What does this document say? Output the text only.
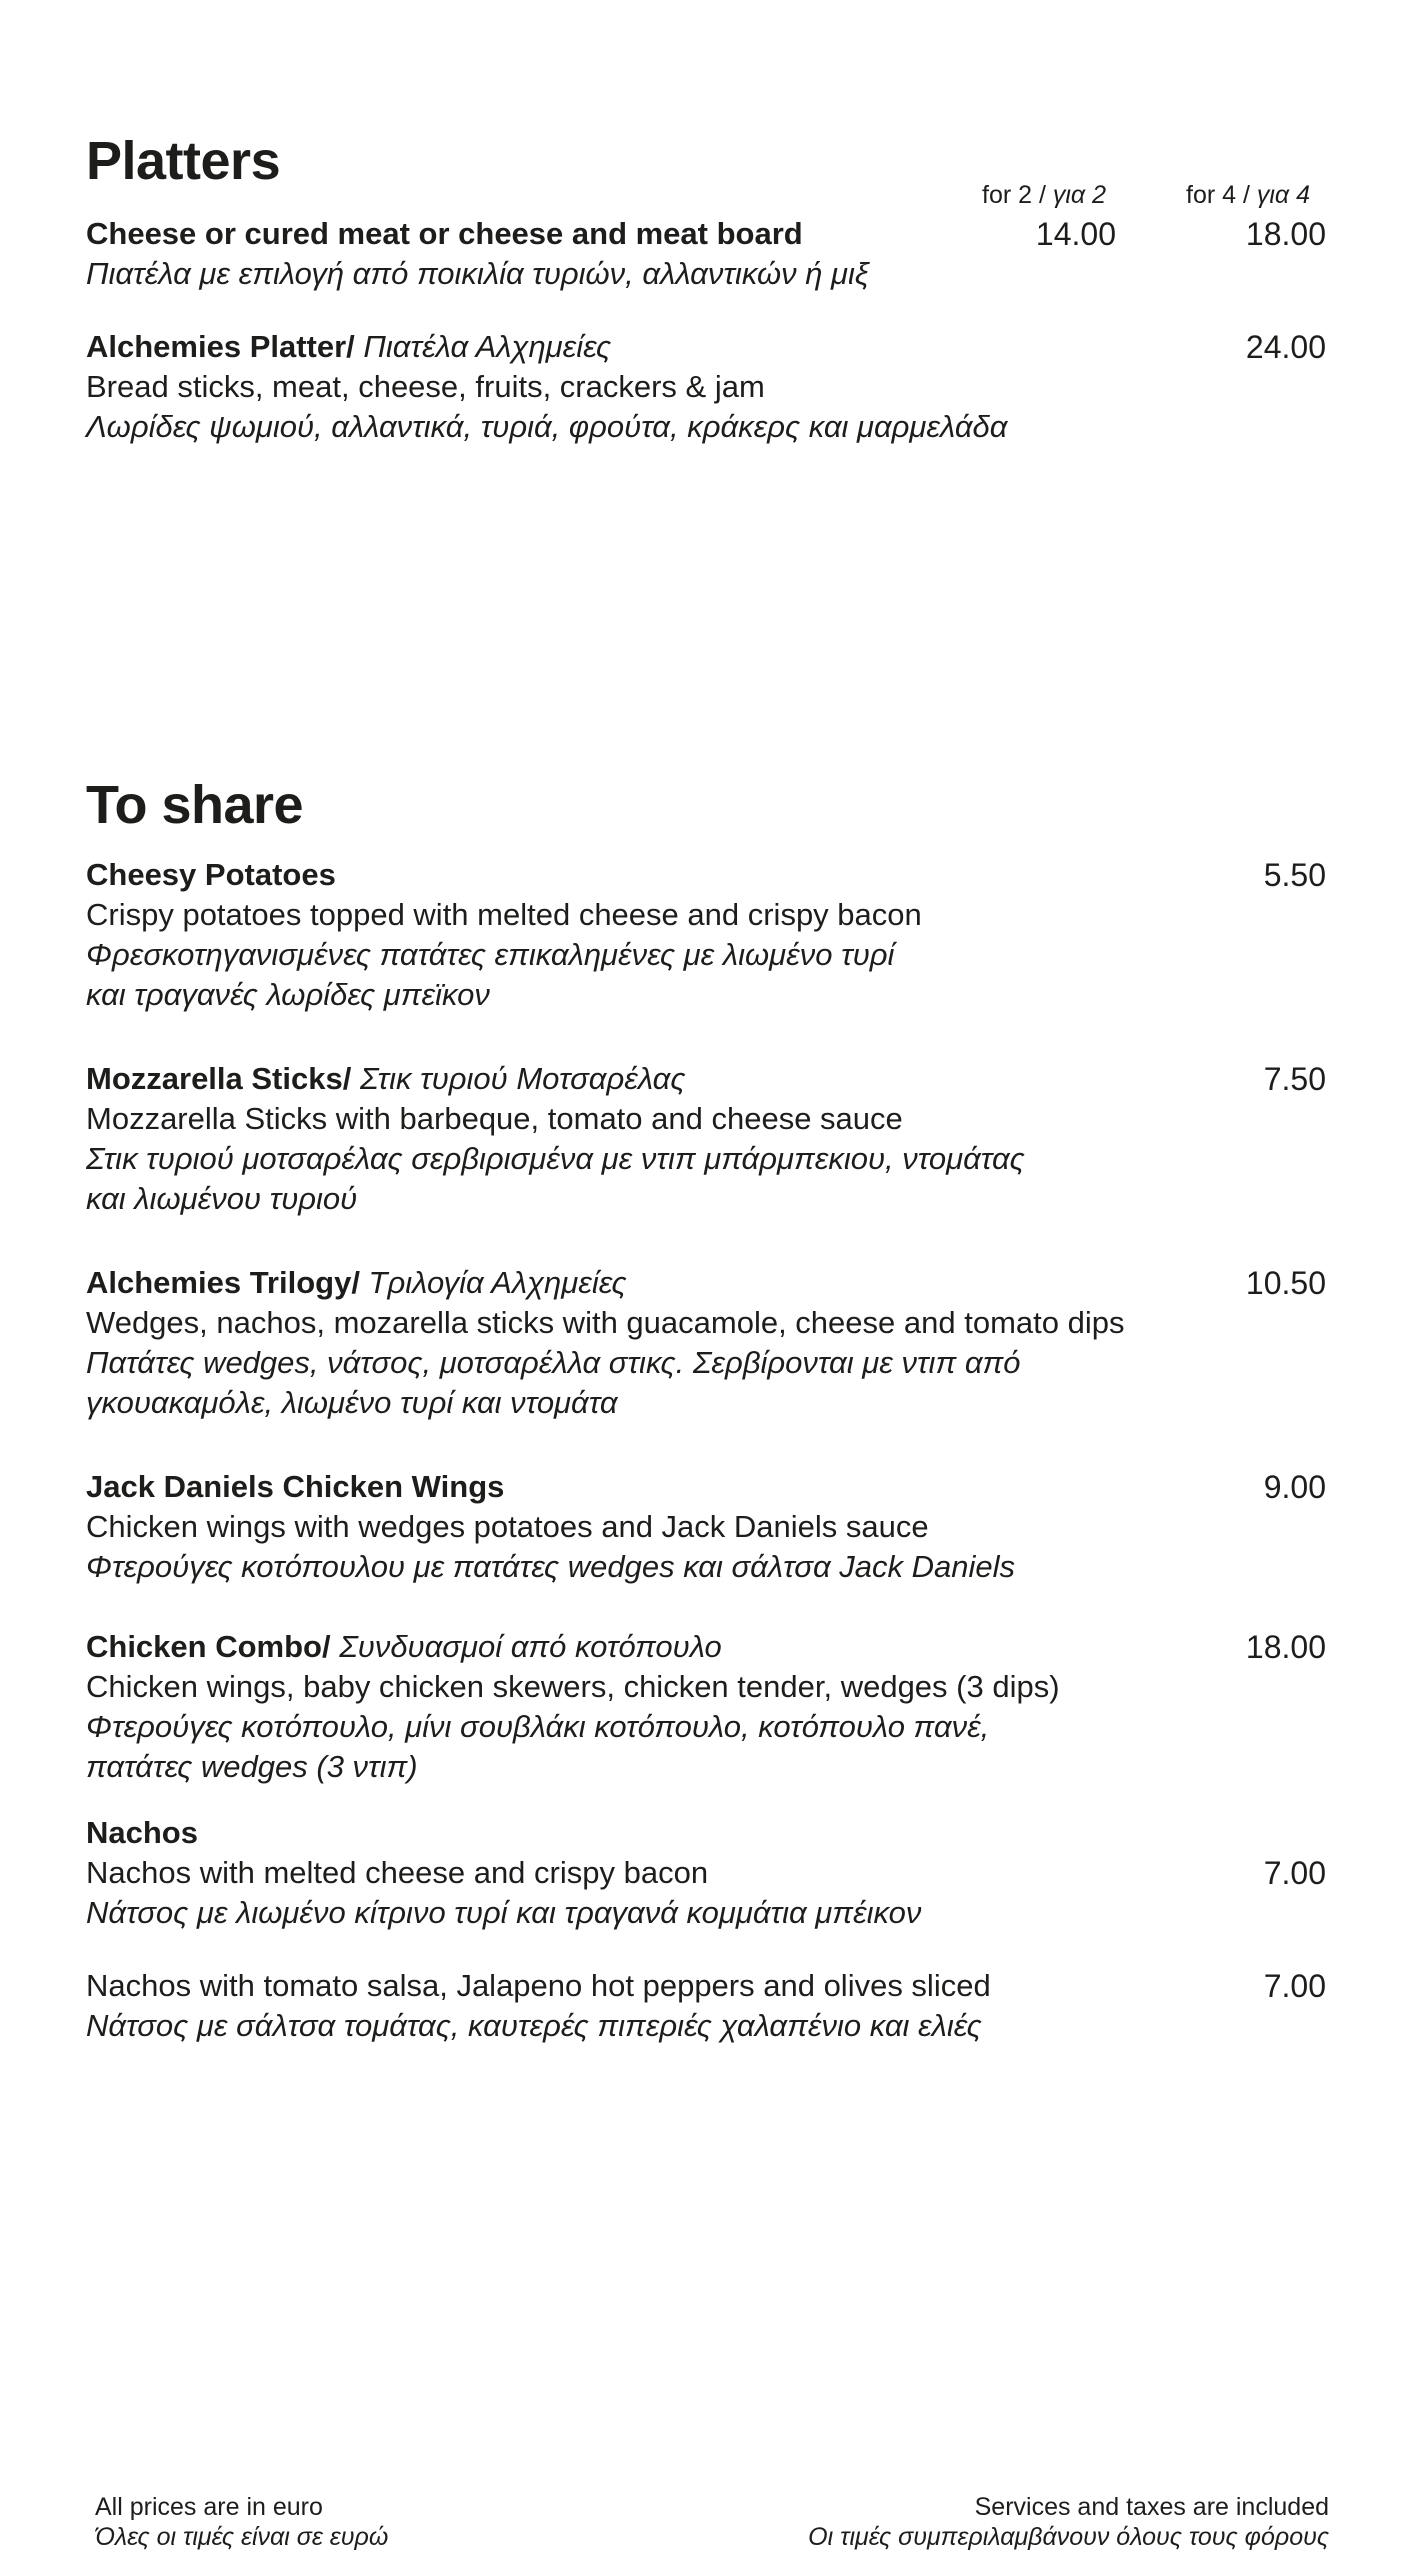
Platters
for 2 / για 2	for 4 / για 4
Cheese or cured meat or cheese and meat board
Πιατέλα με επιλογή από ποικιλία τυριών, αλλαντικών ή μιξ
14.00	18.00
Alchemies Platter/ Πιατέλα Αλχημείες
Bread sticks, meat, cheese, fruits, crackers & jam
Λωρίδες ψωμιού, αλλαντικά, τυριά, φρούτα, κράκερς και μαρμελάδα
24.00
To share
Cheesy Potatoes
Crispy potatoes topped with melted cheese and crispy bacon
Φρεσκοτηγανισμένες πατάτες επικαλημένες με λιωμένο τυρί
και τραγανές λωρίδες μπεϊκον
5.50
Mozzarella Sticks/ Στικ τυριού Μοτσαρέλας
Mozzarella Sticks with barbeque, tomato and cheese sauce
Στικ τυριού μοτσαρέλας σερβιρισμένα με ντιπ μπάρμπεκιου, ντομάτας
και λιωμένου τυριού
7.50
Alchemies Trilogy/ Τριλογία Αλχημείες
Wedges, nachos, mozarella sticks with guacamole, cheese and tomato dips
Πατάτες wedges, νάτσος, μοτσαρέλλα στικς. Σερβίρονται με ντιπ από
γκουακαμόλε, λιωμένο τυρί και ντομάτα
10.50
Jack Daniels Chicken Wings
Chicken wings with wedges potatoes and Jack Daniels sauce
Φτερούγες κοτόπουλου με πατάτες wedges και σάλτσα Jack Daniels
9.00
Chicken Combo/ Συνδυασμοί από κοτόπουλο
Chicken wings, baby chicken skewers, chicken tender, wedges (3 dips)
Φτερούγες κοτόπουλο, μίνι σουβλάκι κοτόπουλο, κοτόπουλο πανέ,
πατάτες wedges (3 ντιπ)
18.00
Nachos
Nachos with melted cheese and crispy bacon
Νάτσος με λιωμένο κίτρινο τυρί και τραγανά κομμάτια μπέικον
7.00
Nachos with tomato salsa, Jalapeno hot peppers and olives sliced
Νάτσος με σάλτσα τομάτας, καυτερές πιπεριές χαλαπένιο και ελιές
7.00
All prices are in euro
Όλες οι τιμές είναι σε ευρώ
Services and taxes are included
Οι τιμές συμπεριλαμβάνουν όλους τους φόρους
